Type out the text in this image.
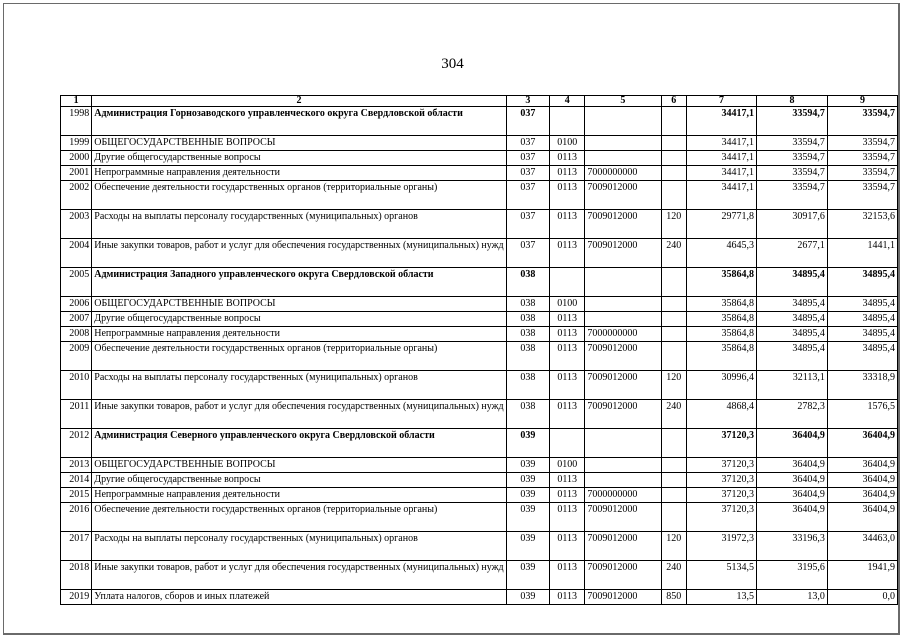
304
1	2	3	4	5	6	7	8	9
1998	Администрация Горнозаводского управленческого округа Свердловской области	037				34417,1	33594,7	33594,7
1999	ОБЩЕГОСУДАРСТВЕННЫЕ ВОПРОСЫ	037	0100			34417,1	33594,7	33594,7
2000	Другие общегосударственные вопросы	037	0113			34417,1	33594,7	33594,7
2001	Непрограммные направления деятельности	037	0113	7000000000		34417,1	33594,7	33594,7
2002	Обеспечение деятельности государственных органов (территориальные органы)	037	0113	7009012000		34417,1	33594,7	33594,7
2003	Расходы на выплаты персоналу государственных (муниципальных) органов	037	0113	7009012000	120	29771,8	30917,6	32153,6
2004	Иные закупки товаров, работ и услуг для обеспечения государственных (муниципальных) нужд	037	0113	7009012000	240	4645,3	2677,1	1441,1
2005	Администрация Западного управленческого округа Свердловской области	038				35864,8	34895,4	34895,4
2006	ОБЩЕГОСУДАРСТВЕННЫЕ ВОПРОСЫ	038	0100			35864,8	34895,4	34895,4
2007	Другие общегосударственные вопросы	038	0113			35864,8	34895,4	34895,4
2008	Непрограммные направления деятельности	038	0113	7000000000		35864,8	34895,4	34895,4
2009	Обеспечение деятельности государственных органов (территориальные органы)	038	0113	7009012000		35864,8	34895,4	34895,4
2010	Расходы на выплаты персоналу государственных (муниципальных) органов	038	0113	7009012000	120	30996,4	32113,1	33318,9
2011	Иные закупки товаров, работ и услуг для обеспечения государственных (муниципальных) нужд	038	0113	7009012000	240	4868,4	2782,3	1576,5
2012	Администрация Северного управленческого округа Свердловской области	039				37120,3	36404,9	36404,9
2013	ОБЩЕГОСУДАРСТВЕННЫЕ ВОПРОСЫ	039	0100			37120,3	36404,9	36404,9
2014	Другие общегосударственные вопросы	039	0113			37120,3	36404,9	36404,9
2015	Непрограммные направления деятельности	039	0113	7000000000		37120,3	36404,9	36404,9
2016	Обеспечение деятельности государственных органов (территориальные органы)	039	0113	7009012000		37120,3	36404,9	36404,9
2017	Расходы на выплаты персоналу государственных (муниципальных) органов	039	0113	7009012000	120	31972,3	33196,3	34463,0
2018	Иные закупки товаров, работ и услуг для обеспечения государственных (муниципальных) нужд	039	0113	7009012000	240	5134,5	3195,6	1941,9
2019	Уплата налогов, сборов и иных платежей	039	0113	7009012000	850	13,5	13,0	0,0
